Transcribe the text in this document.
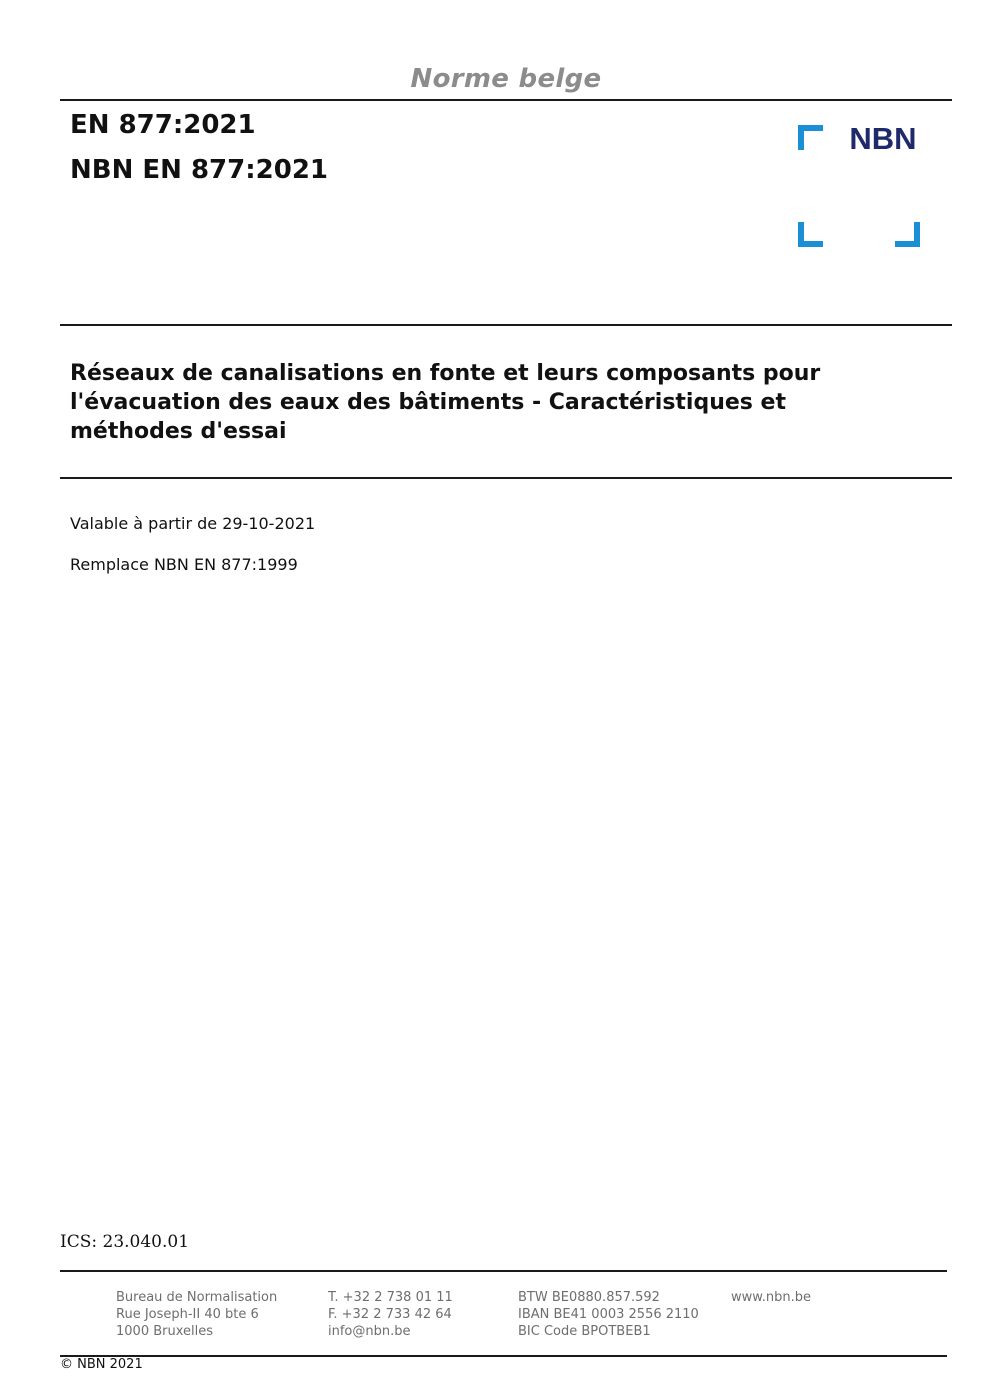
Norme belge
EN 877:2021
NBN EN 877:2021
NBN
Réseaux de canalisations en fonte et leurs composants pour
l'évacuation des eaux des bâtiments - Caractéristiques et
méthodes d'essai
Valable à partir de 29-10-2021
Remplace NBN EN 877:1999
ICS: 23.040.01
Bureau de Normalisation
Rue Joseph-II 40 bte 6
1000 Bruxelles
T. +32 2 738 01 11
F. +32 2 733 42 64
info@nbn.be
BTW BE0880.857.592
IBAN BE41 0003 2556 2110
BIC Code BPOTBEB1
www.nbn.be
© NBN 2021
